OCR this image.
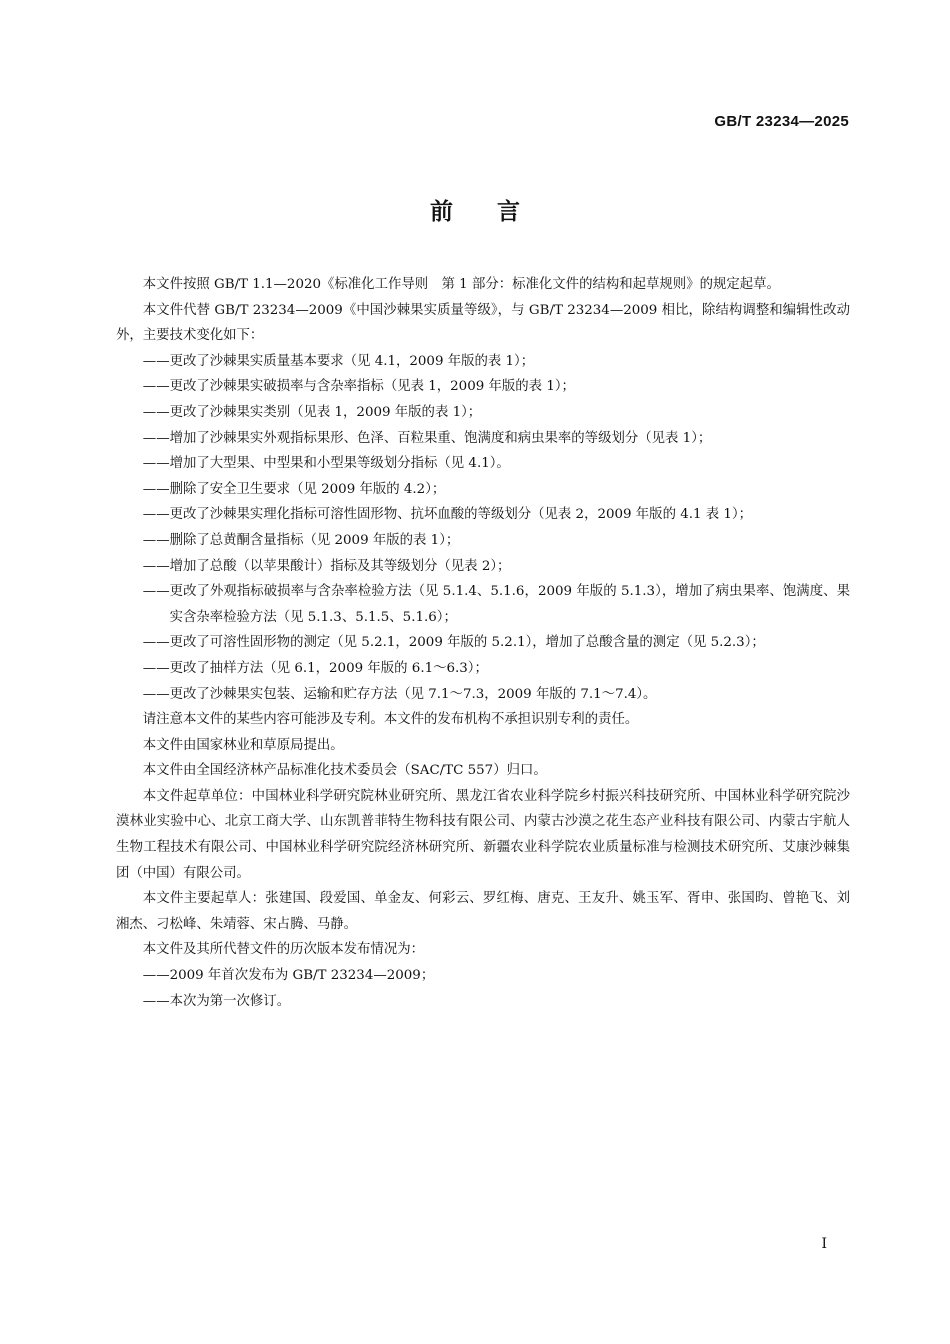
GB/T 23234—2025
前言

本文件按照 GB/T 1.1—2020《标准化工作导则　第 1 部分：标准化文件的结构和起草规则》的规定起草。

本文件代替 GB/T 23234—2009《中国沙棘果实质量等级》，与 GB/T 23234—2009 相比，除结构调整和编辑性改动外，主要技术变化如下：

——更改了沙棘果实质量基本要求（见 4.1，2009 年版的表 1）；

——更改了沙棘果实破损率与含杂率指标（见表 1，2009 年版的表 1）；

——更改了沙棘果实类别（见表 1，2009 年版的表 1）；

——增加了沙棘果实外观指标果形、色泽、百粒果重、饱满度和病虫果率的等级划分（见表 1）；

——增加了大型果、中型果和小型果等级划分指标（见 4.1）。

——删除了安全卫生要求（见 2009 年版的 4.2）；

——更改了沙棘果实理化指标可溶性固形物、抗坏血酸的等级划分（见表 2，2009 年版的 4.1 表 1）；

——删除了总黄酮含量指标（见 2009 年版的表 1）；

——增加了总酸（以苹果酸计）指标及其等级划分（见表 2）；

——更改了外观指标破损率与含杂率检验方法（见 5.1.4、5.1.6，2009 年版的 5.1.3），增加了病虫果率、饱满度、果实含杂率检验方法（见 5.1.3、5.1.5、5.1.6）；

——更改了可溶性固形物的测定（见 5.2.1，2009 年版的 5.2.1），增加了总酸含量的测定（见 5.2.3）；

——更改了抽样方法（见 6.1，2009 年版的 6.1～6.3）；

——更改了沙棘果实包装、运输和贮存方法（见 7.1～7.3，2009 年版的 7.1～7.4）。

请注意本文件的某些内容可能涉及专利。本文件的发布机构不承担识别专利的责任。

本文件由国家林业和草原局提出。

本文件由全国经济林产品标准化技术委员会（SAC/TC 557）归口。

本文件起草单位：中国林业科学研究院林业研究所、黑龙江省农业科学院乡村振兴科技研究所、中国林业科学研究院沙漠林业实验中心、北京工商大学、山东凯普菲特生物科技有限公司、内蒙古沙漠之花生态产业科技有限公司、内蒙古宇航人生物工程技术有限公司、中国林业科学研究院经济林研究所、新疆农业科学院农业质量标准与检测技术研究所、艾康沙棘集团（中国）有限公司。

本文件主要起草人：张建国、段爱国、单金友、何彩云、罗红梅、唐克、王友升、姚玉军、胥申、张国昀、曾艳飞、刘湘杰、刁松峰、朱靖蓉、宋占腾、马静。

本文件及其所代替文件的历次版本发布情况为：

——2009 年首次发布为 GB/T 23234—2009；

——本次为第一次修订。

I
